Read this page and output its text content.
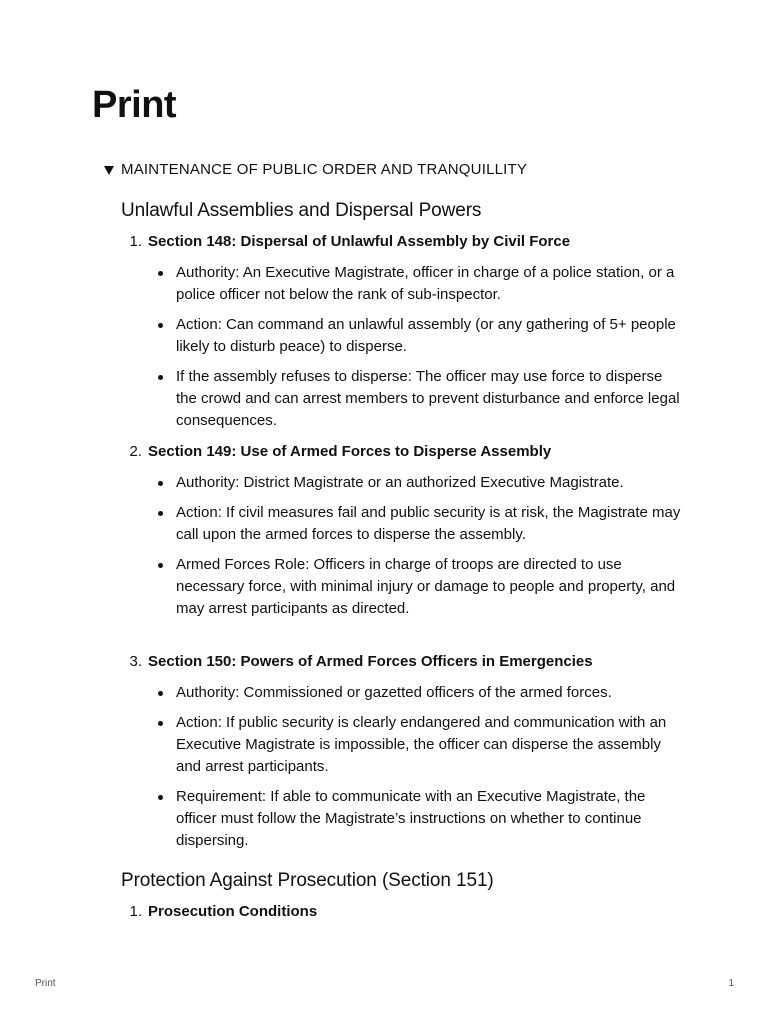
Print
MAINTENANCE OF PUBLIC ORDER AND TRANQUILLITY
Unlawful Assemblies and Dispersal Powers
1. Section 148: Dispersal of Unlawful Assembly by Civil Force
Authority: An Executive Magistrate, officer in charge of a police station, or a police officer not below the rank of sub-inspector.
Action: Can command an unlawful assembly (or any gathering of 5+ people likely to disturb peace) to disperse.
If the assembly refuses to disperse: The officer may use force to disperse the crowd and can arrest members to prevent disturbance and enforce legal consequences.
2. Section 149: Use of Armed Forces to Disperse Assembly
Authority: District Magistrate or an authorized Executive Magistrate.
Action: If civil measures fail and public security is at risk, the Magistrate may call upon the armed forces to disperse the assembly.
Armed Forces Role: Officers in charge of troops are directed to use necessary force, with minimal injury or damage to people and property, and may arrest participants as directed.
3. Section 150: Powers of Armed Forces Officers in Emergencies
Authority: Commissioned or gazetted officers of the armed forces.
Action: If public security is clearly endangered and communication with an Executive Magistrate is impossible, the officer can disperse the assembly and arrest participants.
Requirement: If able to communicate with an Executive Magistrate, the officer must follow the Magistrate’s instructions on whether to continue dispersing.
Protection Against Prosecution (Section 151)
1. Prosecution Conditions
Print	1
